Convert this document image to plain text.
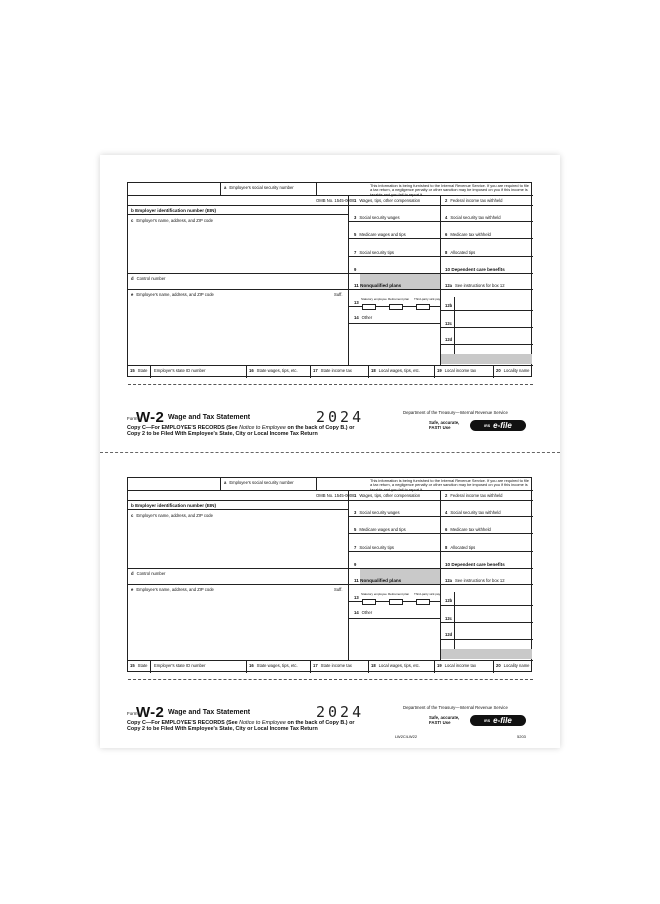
a Employee's social security number
OMB No. 1545-0008
This information is being furnished to the Internal Revenue Service. If you are required to file a tax return, a negligence penalty or other sanction may be imposed on you if this income is taxable and you fail to report it.
b Employer identification number (EIN)
c Employer's name, address, and ZIP code
d Control number
e Employee's name, address, and ZIP code	Suff.
1 Wages, tips, other compensation	2 Federal income tax withheld
3 Social security wages	4 Social security tax withheld
5 Medicare wages and tips	6 Medicare tax withheld
7 Social security tips	8 Allocated tips
9	10 Dependent care benefits
11 Nonqualified plans	12a See instructions for box 12
12b
12c
12d
13
Statutory employee Retirement plan Third-party sick pay
14 Other
15 State Employer's state ID number	16 State wages, tips, etc.	17 State income tax	18 Local wages, tips, etc.	19 Local income tax	20 Locality name
Form
W-2 Wage and Tax Statement	2024
Copy C—For EMPLOYEE'S RECORDS (See Notice to Employee on the back of Copy B.) or Copy 2 to be Filed With Employee's State, City or Local Income Tax Return
Department of the Treasury—Internal Revenue Service
Safe, accurate, FAST! Use	IRS e-file
a Employee's social security number
OMB No. 1545-0008
This information is being furnished to the Internal Revenue Service. If you are required to file a tax return, a negligence penalty or other sanction may be imposed on you if this income is taxable and you fail to report it.
b Employer identification number (EIN)
c Employer's name, address, and ZIP code
d Control number
e Employee's name, address, and ZIP code	Suff.
1 Wages, tips, other compensation	2 Federal income tax withheld
3 Social security wages	4 Social security tax withheld
5 Medicare wages and tips	6 Medicare tax withheld
7 Social security tips	8 Allocated tips
9	10 Dependent care benefits
11 Nonqualified plans	12a See instructions for box 12
12b
12c
12d
13
Statutory employee Retirement plan Third-party sick pay
14 Other
15 State Employer's state ID number	16 State wages, tips, etc.	17 State income tax	18 Local wages, tips, etc.	19 Local income tax	20 Locality name
Form
W-2 Wage and Tax Statement	2024
Copy C—For EMPLOYEE'S RECORDS (See Notice to Employee on the back of Copy B.) or Copy 2 to be Filed With Employee's State, City or Local Income Tax Return
Department of the Treasury—Internal Revenue Service
Safe, accurate, FAST! Use	IRS e-file
LW2C/LW22	5203
